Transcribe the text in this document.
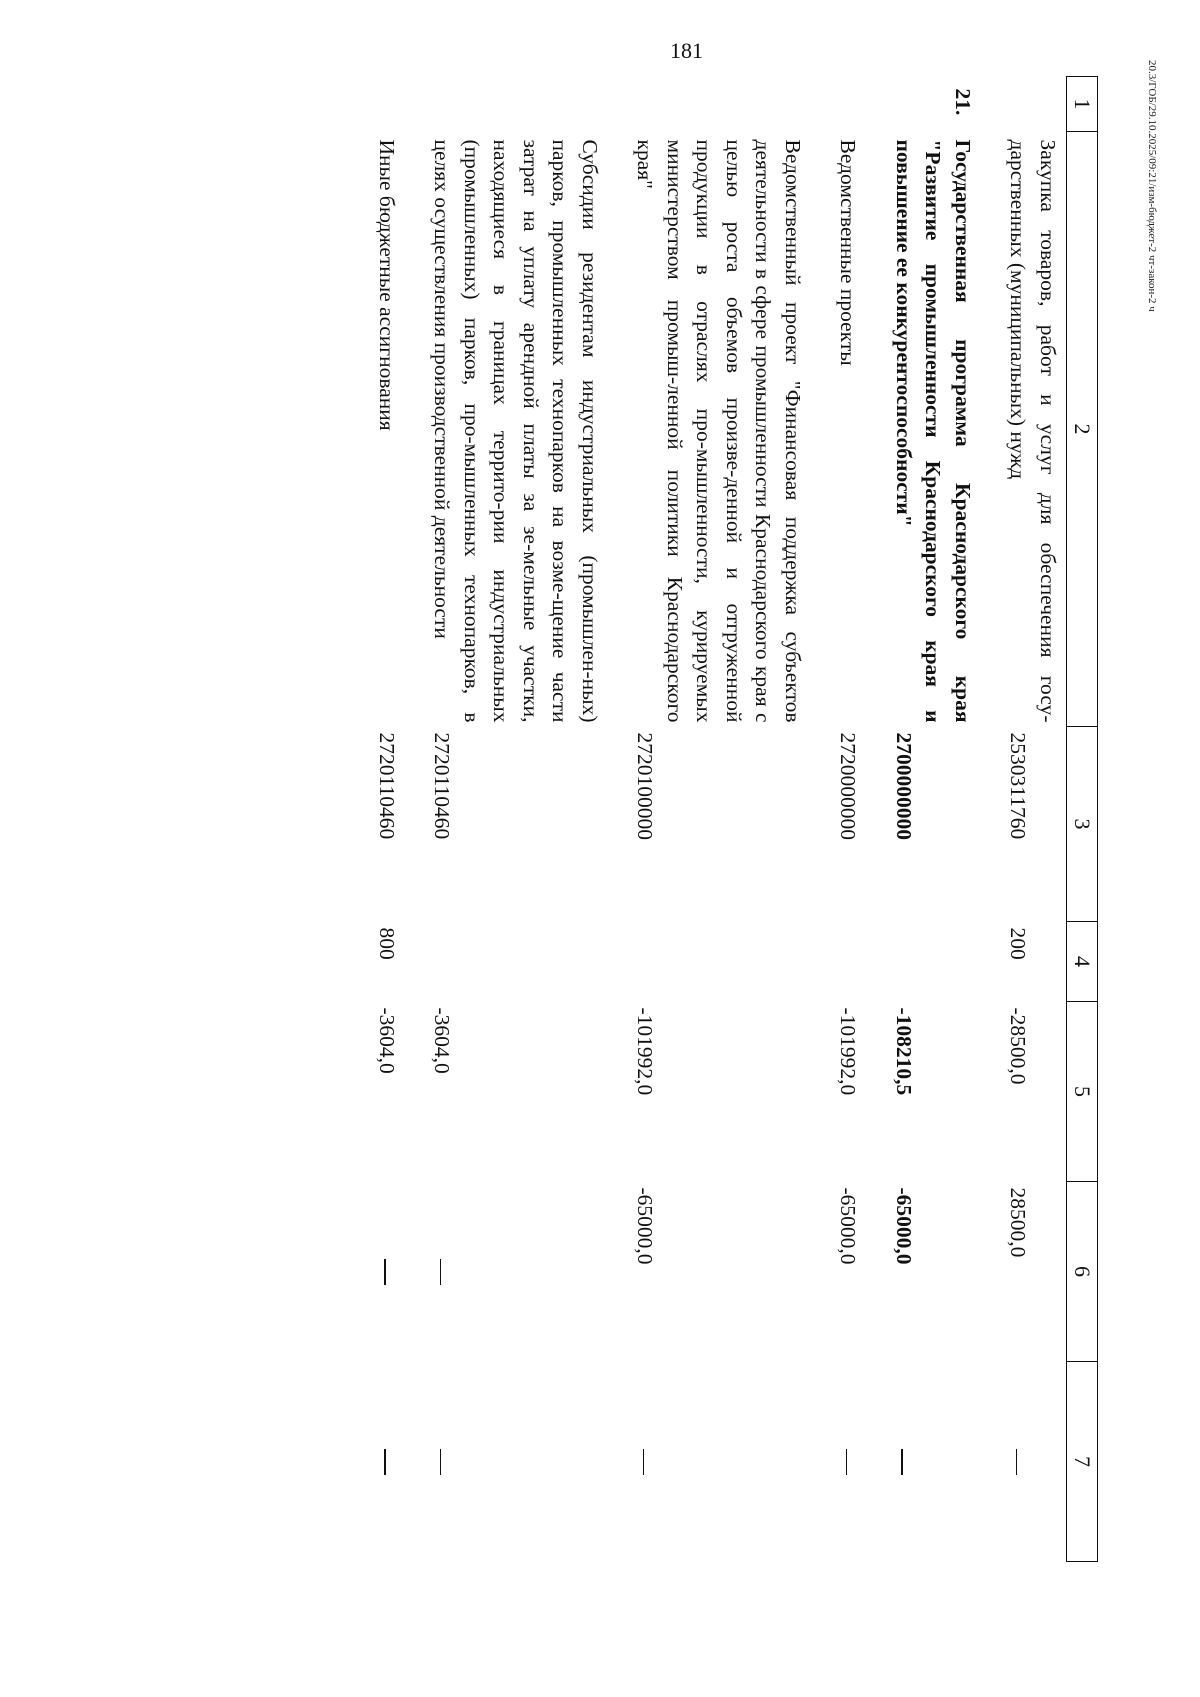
181
20.3/ГОБ/29.10.2025/09:21/изм-бюджет-2 чт-закон-2 ч
1	2	3	4	5	6	7
	Закупка товаров, работ и услуг для обеспечения госу-дарственных (муниципальных) нужд	2530311760	200	-28500,0	28500,0	

21.	Государственная программа Краснодарского края "Развитие промышленности Краснодарского края и повышение ее конкурентоспособности"	2700000000		-108210,5	-65000,0	

	Ведомственные проекты	2720000000		-101992,0	-65000,0	

	Ведомственный проект "Финансовая поддержка субъектов деятельности в сфере промышленности Краснодарского края с целью роста объемов произве-денной и отгруженной продукции в отраслях про-мышленности, курируемых министерством промыш-ленной политики Краснодарского края"	2720100000		-101992,0	-65000,0	

	Субсидии резидентам индустриальных (промышлен-ных) парков, промышленных технопарков на возме-щение части затрат на уплату арендной платы за зе-мельные участки, находящиеся в границах террито-рии индустриальных (промышленных) парков, про-мышленных технопарков, в целях осуществления производственной деятельности	2720110460		-3604,0		

	Иные бюджетные ассигнования	2720110460	800	-3604,0		
